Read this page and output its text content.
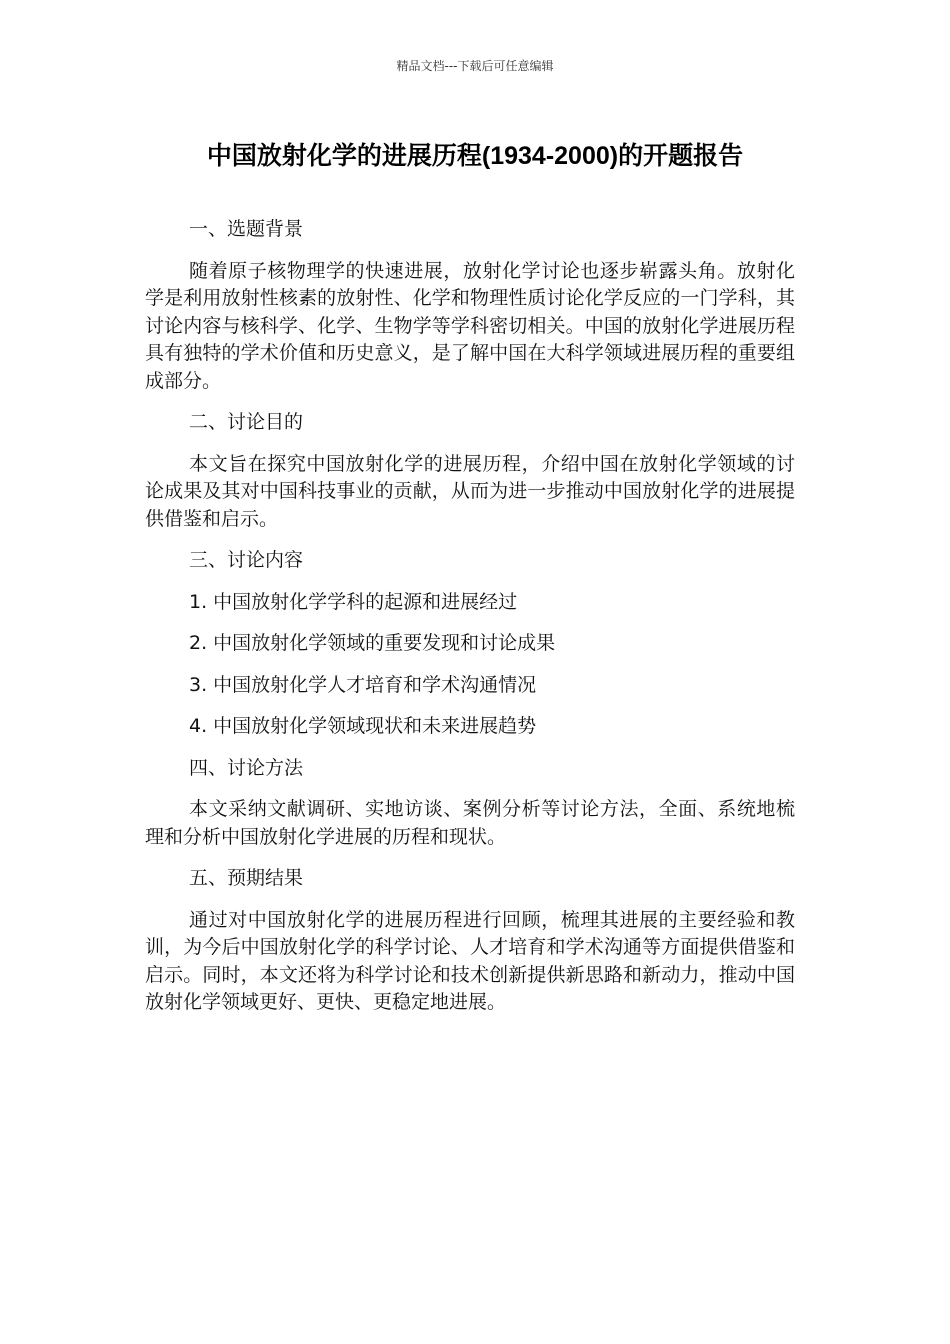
精品文档---下载后可任意编辑
中国放射化学的进展历程(1934-2000)的开题报告
一、选题背景
随着原子核物理学的快速进展，放射化学讨论也逐步崭露头角。放射化学是利用放射性核素的放射性、化学和物理性质讨论化学反应的一门学科，其讨论内容与核科学、化学、生物学等学科密切相关。中国的放射化学进展历程具有独特的学术价值和历史意义，是了解中国在大科学领域进展历程的重要组成部分。
二、讨论目的
本文旨在探究中国放射化学的进展历程，介绍中国在放射化学领域的讨论成果及其对中国科技事业的贡献，从而为进一步推动中国放射化学的进展提供借鉴和启示。
三、讨论内容
1. 中国放射化学学科的起源和进展经过
2. 中国放射化学领域的重要发现和讨论成果
3. 中国放射化学人才培育和学术沟通情况
4. 中国放射化学领域现状和未来进展趋势
四、讨论方法
本文采纳文献调研、实地访谈、案例分析等讨论方法，全面、系统地梳理和分析中国放射化学进展的历程和现状。
五、预期结果
通过对中国放射化学的进展历程进行回顾，梳理其进展的主要经验和教训，为今后中国放射化学的科学讨论、人才培育和学术沟通等方面提供借鉴和启示。同时，本文还将为科学讨论和技术创新提供新思路和新动力，推动中国放射化学领域更好、更快、更稳定地进展。
